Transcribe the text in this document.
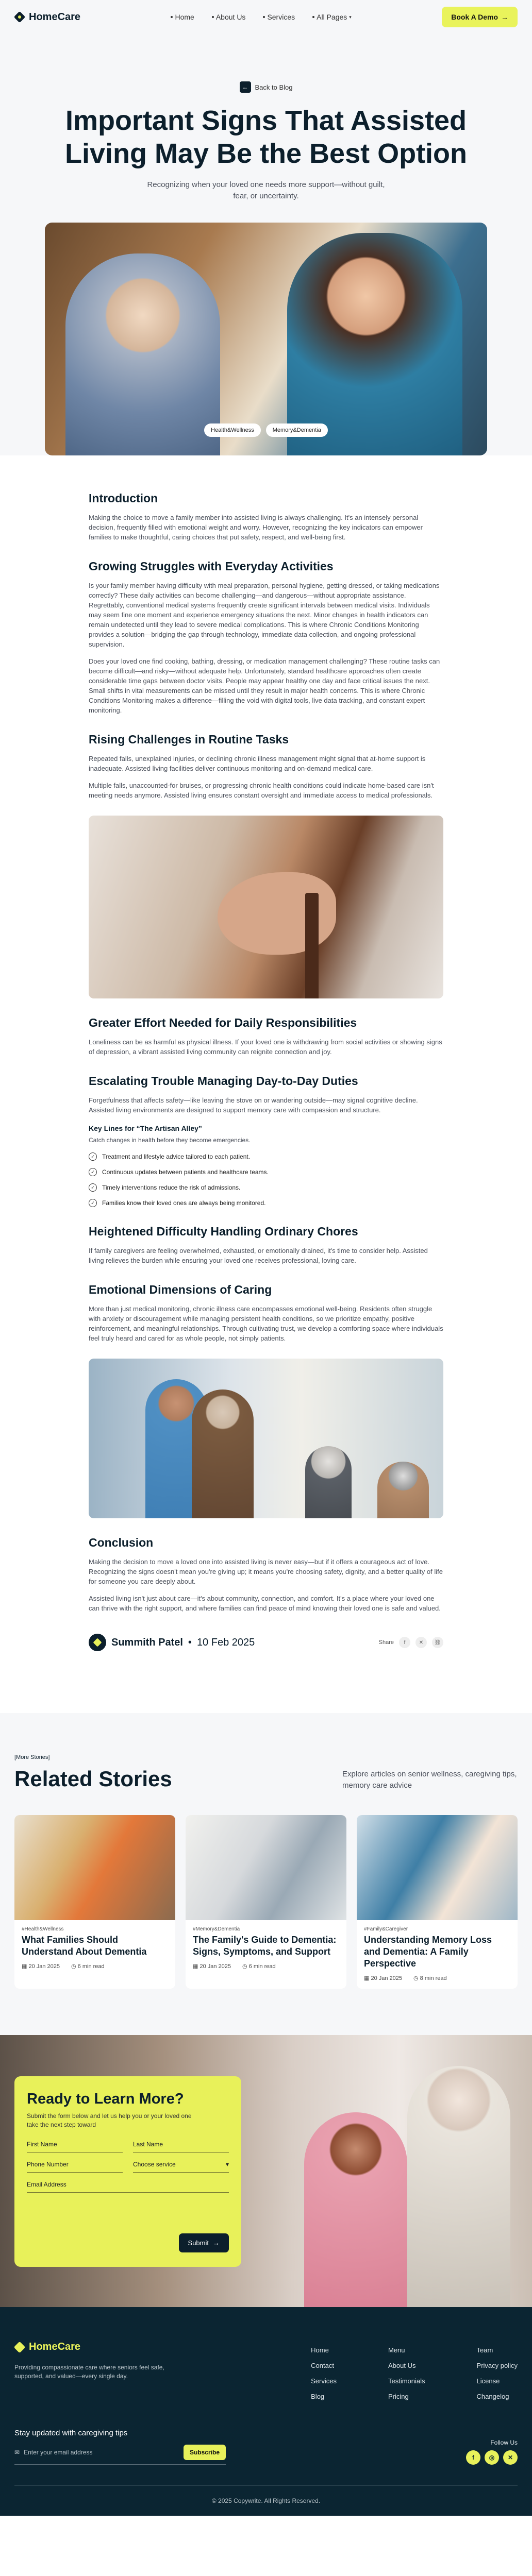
HomeCare	Home	About Us	Services	All Pages ▾	Book A Demo →
←	Back to Blog
Important Signs That Assisted Living May Be the Best Option

Recognizing when your loved one needs more support—without guilt, fear, or uncertainty.

Health&Wellness	Memory&Dementia
Introduction

Making the choice to move a family member into assisted living is always challenging. It's an intensely personal decision, frequently filled with emotional weight and worry. However, recognizing the key indicators can empower families to make thoughtful, caring choices that put safety, respect, and well-being first.

Growing Struggles with Everyday Activities

Is your family member having difficulty with meal preparation, personal hygiene, getting dressed, or taking medications correctly? These daily activities can become challenging—and dangerous—without appropriate assistance. Regrettably, conventional medical systems frequently create significant intervals between medical visits. Individuals may seem fine one moment and experience emergency situations the next. Minor changes in health indicators can remain undetected until they lead to severe medical complications. This is where Chronic Conditions Monitoring provides a solution—bridging the gap through technology, immediate data collection, and ongoing professional supervision.

Does your loved one find cooking, bathing, dressing, or medication management challenging? These routine tasks can become difficult—and risky—without adequate help. Unfortunately, standard healthcare approaches often create considerable time gaps between doctor visits. People may appear healthy one day and face critical issues the next. Small shifts in vital measurements can be missed until they result in major health concerns. This is where Chronic Conditions Monitoring makes a difference—filling the void with digital tools, live data tracking, and constant expert monitoring.

Rising Challenges in Routine Tasks

Repeated falls, unexplained injuries, or declining chronic illness management might signal that at-home support is inadequate. Assisted living facilities deliver continuous monitoring and on-demand medical care.

Multiple falls, unaccounted-for bruises, or progressing chronic health conditions could indicate home-based care isn't meeting needs anymore. Assisted living ensures constant oversight and immediate access to medical professionals.

Greater Effort Needed for Daily Responsibilities

Loneliness can be as harmful as physical illness. If your loved one is withdrawing from social activities or showing signs of depression, a vibrant assisted living community can reignite connection and joy.

Escalating Trouble Managing Day-to-Day Duties

Forgetfulness that affects safety—like leaving the stove on or wandering outside—may signal cognitive decline. Assisted living environments are designed to support memory care with compassion and structure.

Key Lines for “The Artisan Alley”

Catch changes in health before they become emergencies.

✓	Treatment and lifestyle advice tailored to each patient.
✓	Continuous updates between patients and healthcare teams.
✓	Timely interventions reduce the risk of admissions.
✓	Families know their loved ones are always being monitored.
Heightened Difficulty Handling Ordinary Chores

If family caregivers are feeling overwhelmed, exhausted, or emotionally drained, it's time to consider help. Assisted living relieves the burden while ensuring your loved one receives professional, loving care.

Emotional Dimensions of Caring

More than just medical monitoring, chronic illness care encompasses emotional well-being. Residents often struggle with anxiety or discouragement while managing persistent health conditions, so we prioritize empathy, positive reinforcement, and meaningful relationships. Through cultivating trust, we develop a comforting space where individuals feel truly heard and cared for as whole people, not simply patients.

Conclusion

Making the decision to move a loved one into assisted living is never easy—but if it offers a courageous act of love. Recognizing the signs doesn't mean you're giving up; it means you're choosing safety, dignity, and a better quality of life for someone you care deeply about.

Assisted living isn't just about care—it's about community, connection, and comfort. It's a place where your loved one can thrive with the right support, and where families can find peace of mind knowing their loved one is safe and valued.

Summith Patel • 10 Feb 2025	Share	f	✕	⛓
[More Stories]
Related Stories	Explore articles on senior wellness, caregiving tips, memory care advice

#Health&Wellness
What Families Should Understand About Dementia
▦ 20 Jan 2025 ◷ 6 min read
#Memory&Dementia
The Family's Guide to Dementia: Signs, Symptoms, and Support
▦ 20 Jan 2025 ◷ 6 min read
#Family&Caregiver
Understanding Memory Loss and Dementia: A Family Perspective
▦ 20 Jan 2025 ◷ 8 min read
Ready to Learn More?

Submit the form below and let us help you or your loved one take the next step toward

First Name	Last Name
Phone Number	Choose service	▾
Email Address
Submit →
HomeCare

Providing compassionate care where seniors feel safe, supported, and valued—every single day.

Home
Contact
Services
Blog
Menu
About Us
Testimonials
Pricing
Team
Privacy policy
License
Changelog
Stay updated with caregiving tips
✉ Enter your email address	Subscribe
Follow Us
f	◎	✕
© 2025 Copywrite. All Rights Reserved.
